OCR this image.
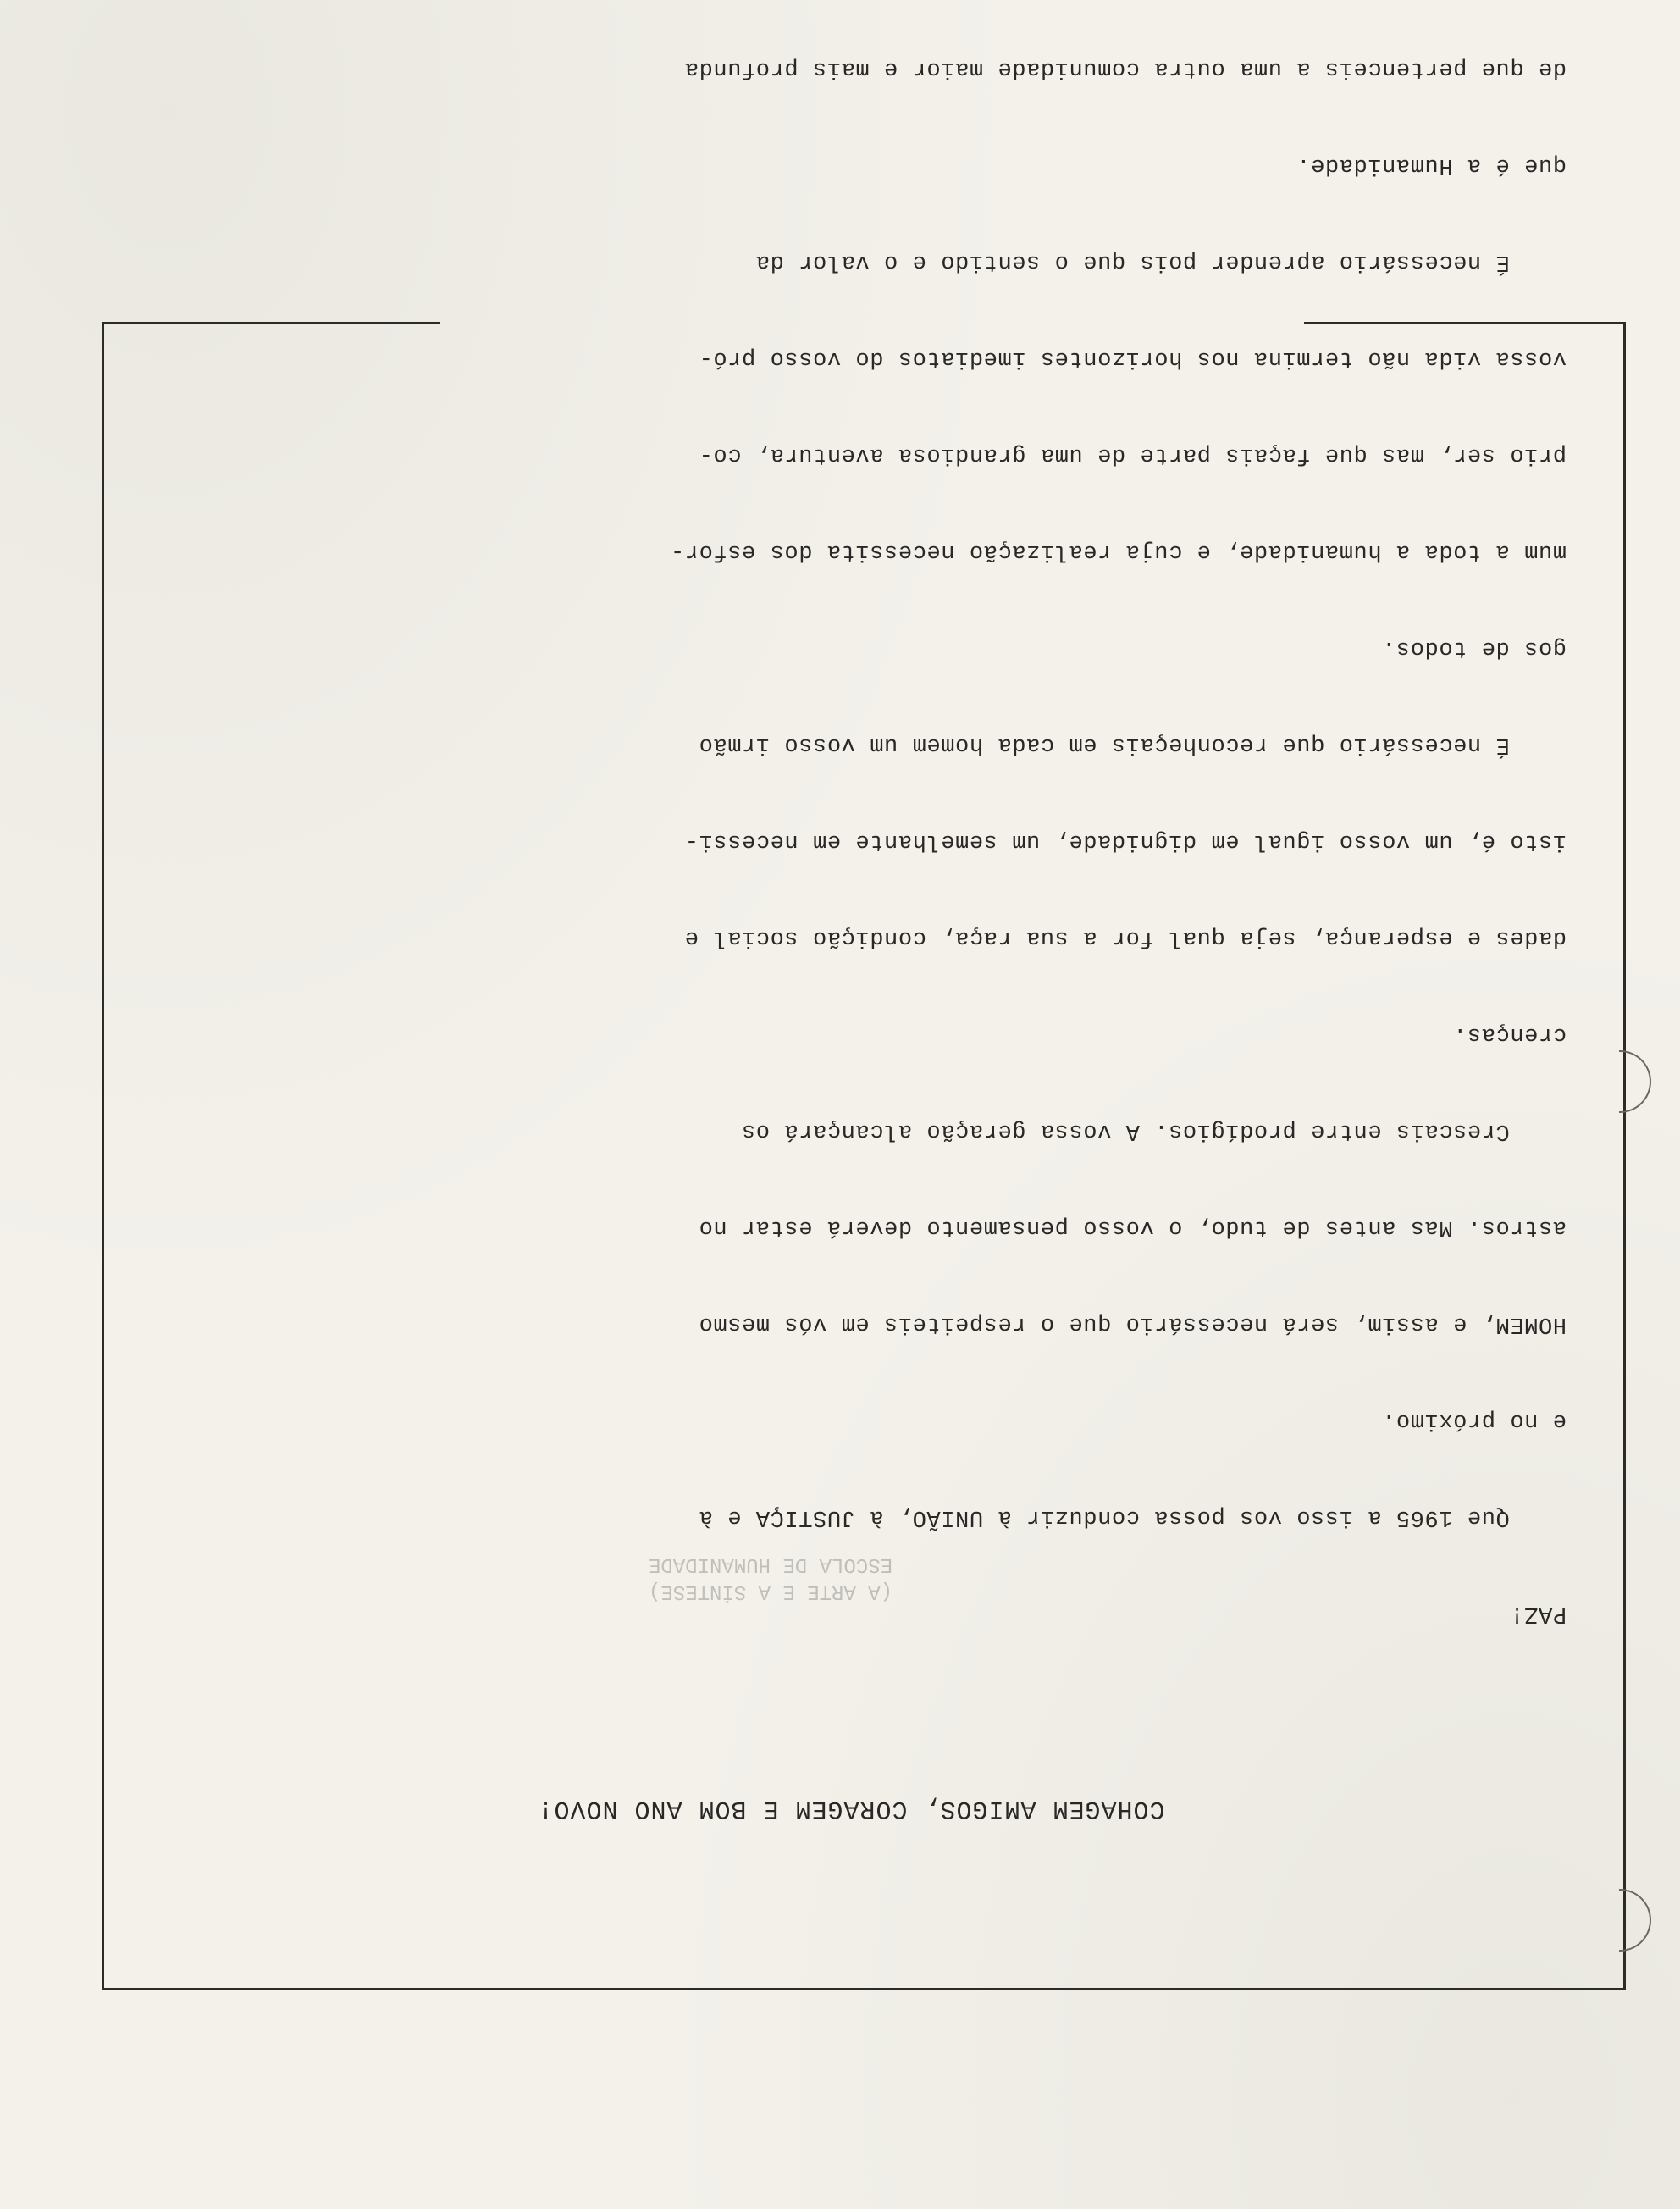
(A ARTE E A SÍNTESE)
ESCOLA DE HUMANIDADE

COHAGEM AMIGOS, CORAGEM E BOM ANO NOVO!

PAZ!

Que 1965 a isso vos possa conduzir à UNIÃO, à JUSTIÇA e à

e no próximo.

HOMEM, e assim, será necessário que o respeiteis em vós mesmo

astros. Mas antes de tudo, o vosso pensamento deverá estar no

Crescais entre prodígios. A vossa geração alcançará os

crenças.

dades e esperança, seja qual for a sua raça, condição social e

isto é, um vosso igual em dignidade, um semelhante em necessi-

É necessário que reconheçais em cada homem um vosso irmão

gos de todos.

mum a toda a humanidade, e cuja realização necessita dos esfor-

prio ser, mas que façais parte de uma grandiosa aventura, co-

vossa vida não termina nos horizontes imediatos do vosso pró-

É necessário aprender pois que o sentido e o valor da

que é a Humanidade.

de que pertenceis a uma outra comunidade maior e mais profunda
